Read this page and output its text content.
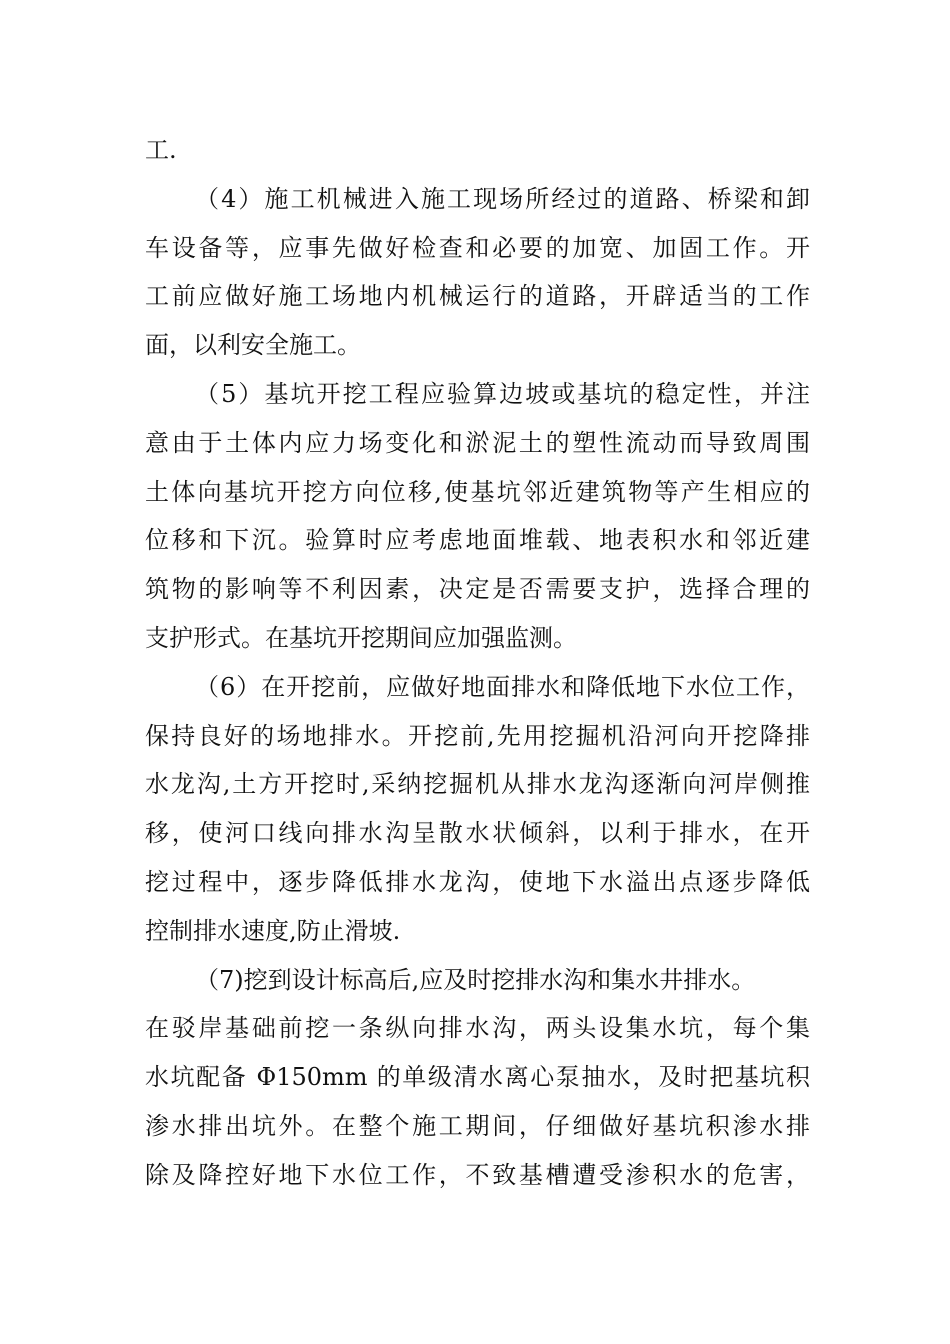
工.
（4）施工机械进入施工现场所经过的道路、桥梁和卸
车设备等，应事先做好检查和必要的加宽、加固工作。开
工前应做好施工场地内机械运行的道路，开辟适当的工作
面，以利安全施工。
（5）基坑开挖工程应验算边坡或基坑的稳定性，并注
意由于土体内应力场变化和淤泥土的塑性流动而导致周围
土体向基坑开挖方向位移,使基坑邻近建筑物等产生相应的
位移和下沉。验算时应考虑地面堆载、地表积水和邻近建
筑物的影响等不利因素，决定是否需要支护，选择合理的
支护形式。在基坑开挖期间应加强监测。
（6）在开挖前，应做好地面排水和降低地下水位工作，
保持良好的场地排水。开挖前,先用挖掘机沿河向开挖降排
水龙沟,土方开挖时,采纳挖掘机从排水龙沟逐渐向河岸侧推
移，使河口线向排水沟呈散水状倾斜，以利于排水，在开
挖过程中，逐步降低排水龙沟，使地下水溢出点逐步降低
控制排水速度,防止滑坡.
（7)挖到设计标高后,应及时挖排水沟和集水井排水。
在驳岸基础前挖一条纵向排水沟，两头设集水坑，每个集
水坑配备 Φ150mm 的单级清水离心泵抽水，及时把基坑积
渗水排出坑外。在整个施工期间，仔细做好基坑积渗水排
除及降控好地下水位工作，不致基槽遭受渗积水的危害，
